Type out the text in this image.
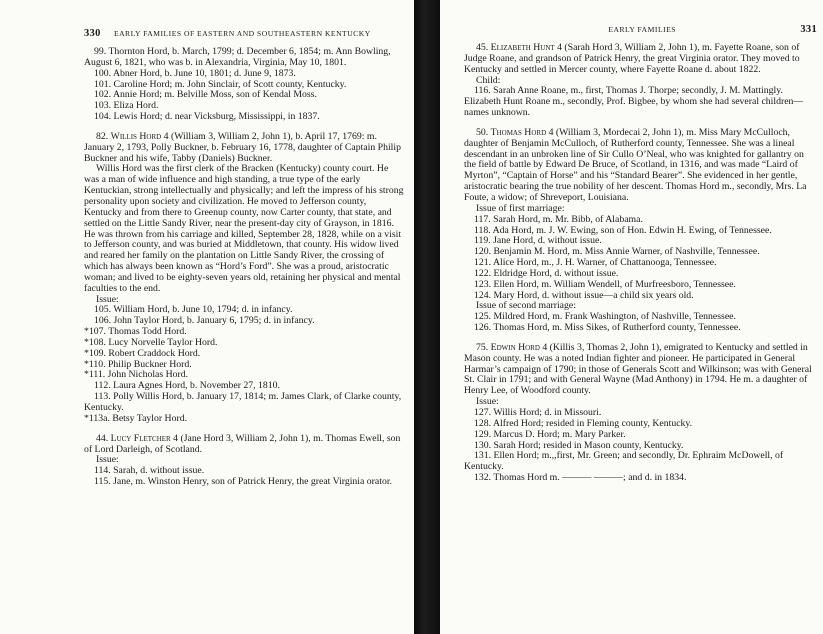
330 EARLY FAMILIES OF EASTERN AND SOUTHEASTERN KENTUCKY

99. Thornton Hord, b. March, 1799; d. December 6, 1854; m. Ann Bowling, August 6, 1821, who was b. in Alexandria, Virginia, May 10, 1801.

100. Abner Hord, b. June 10, 1801; d. June 9, 1873.

101. Caroline Hord; m. John Sinclair, of Scott county, Kentucky.

102. Annie Hord; m. Belville Moss, son of Kendal Moss.

103. Eliza Hord.

104. Lewis Hord; d. near Vicksburg, Mississippi, in 1837.

82. Willis Hord 4 (William 3, William 2, John 1), b. April 17, 1769: m. January 2, 1793, Polly Buckner, b. February 16, 1778, daughter of Captain Philip Buckner and his wife, Tabby (Daniels) Buckner.

Willis Hord was the first clerk of the Bracken (Kentucky) county court. He was a man of wide influence and high standing, a true type of the early Kentuckian, strong intellectually and physically; and left the impress of his strong personality upon society and civilization. He moved to Jefferson county, Kentucky and from there to Greenup county, now Carter county, that state, and settled on the Little Sandy River, near the present-day city of Grayson, in 1816. He was thrown from his carriage and killed, September 28, 1828, while on a visit to Jefferson county, and was buried at Middletown, that county. His widow lived and reared her family on the plantation on Little Sandy River, the crossing of which has always been known as “Hord’s Ford”. She was a proud, aristocratic woman; and lived to be eighty-seven years old, retaining her physical and mental faculties to the end.

Issue:

105. William Hord, b. June 10, 1794; d. in infancy.

106. John Taylor Hord, b. January 6, 1795; d. in infancy.

*107. Thomas Todd Hord.

*108. Lucy Norvelle Taylor Hord.

*109. Robert Craddock Hord.

*110. Philip Buckner Hord.

*111. John Nicholas Hord.

112. Laura Agnes Hord, b. November 27, 1810.

113. Polly Willis Hord, b. January 17, 1814; m. James Clark, of Clarke county, Kentucky.

*113a. Betsy Taylor Hord.

44. Lucy Fletcher 4 (Jane Hord 3, William 2, John 1), m. Thomas Ewell, son of Lord Darleigh, of Scotland.

Issue:

114. Sarah, d. without issue.

115. Jane, m. Winston Henry, son of Patrick Henry, the great Virginia orator.

EARLY FAMILIES	331

45. Elizabeth Hunt 4 (Sarah Hord 3, William 2, John 1), m. Fayette Roane, son of Judge Roane, and grandson of Patrick Henry, the great Virginia orator. They moved to Kentucky and settled in Mercer county, where Fayette Roane d. about 1822.

Child:

116. Sarah Anne Roane, m., first, Thomas J. Thorpe; secondly, J. M. Mattingly. Elizabeth Hunt Roane m., secondly, Prof. Bigbee, by whom she had several children—names unknown.

50. Thomas Hord 4 (William 3, Mordecai 2, John 1), m. Miss Mary McCulloch, daughter of Benjamin McCulloch, of Rutherford county, Tennessee. She was a lineal descendant in an unbroken line of Sir Cullo O’Neal, who was knighted for gallantry on the field of battle by Edward De Bruce, of Scotland, in 1316, and was made “Laird of Myrton”, “Captain of Horse” and his “Standard Bearer”. She evidenced in her gentle, aristocratic bearing the true nobility of her descent. Thomas Hord m., secondly, Mrs. La Foute, a widow; of Shreveport, Louisiana.

Issue of first marriage:

117. Sarah Hord, m. Mr. Bibb, of Alabama.

118. Ada Hord, m. J. W. Ewing, son of Hon. Edwin H. Ewing, of Tennessee.

119. Jane Hord, d. without issue.

120. Benjamin M. Hord, m. Miss Annie Warner, of Nashville, Tennessee.

121. Alice Hord, m., J. H. Warner, of Chattanooga, Tennessee.

122. Eldridge Hord, d. without issue.

123. Ellen Hord, m. William Wendell, of Murfreesboro, Tennessee.

124. Mary Hord, d. without issue—a child six years old.

Issue of second marriage:

125. Mildred Hord, m. Frank Washington, of Nashville, Tennessee.

126. Thomas Hord, m. Miss Sikes, of Rutherford county, Tennessee.

75. Edwin Hord 4 (Killis 3, Thomas 2, John 1), emigrated to Kentucky and settled in Mason county. He was a noted Indian fighter and pioneer. He participated in General Harmar’s campaign of 1790; in those of Generals Scott and Wilkinson; was with General St. Clair in 1791; and with General Wayne (Mad Anthony) in 1794. He m. a daughter of Henry Lee, of Woodford county.

Issue:

127. Willis Hord; d. in Missouri.

128. Alfred Hord; resided in Fleming county, Kentucky.

129. Marcus D. Hord; m. Mary Parker.

130. Sarah Hord; resided in Mason county, Kentucky.

131. Ellen Hord; m.,,first, Mr. Green; and secondly, Dr. Ephraim McDowell, of Kentucky.

132. Thomas Hord m. ——— ———; and d. in 1834.
